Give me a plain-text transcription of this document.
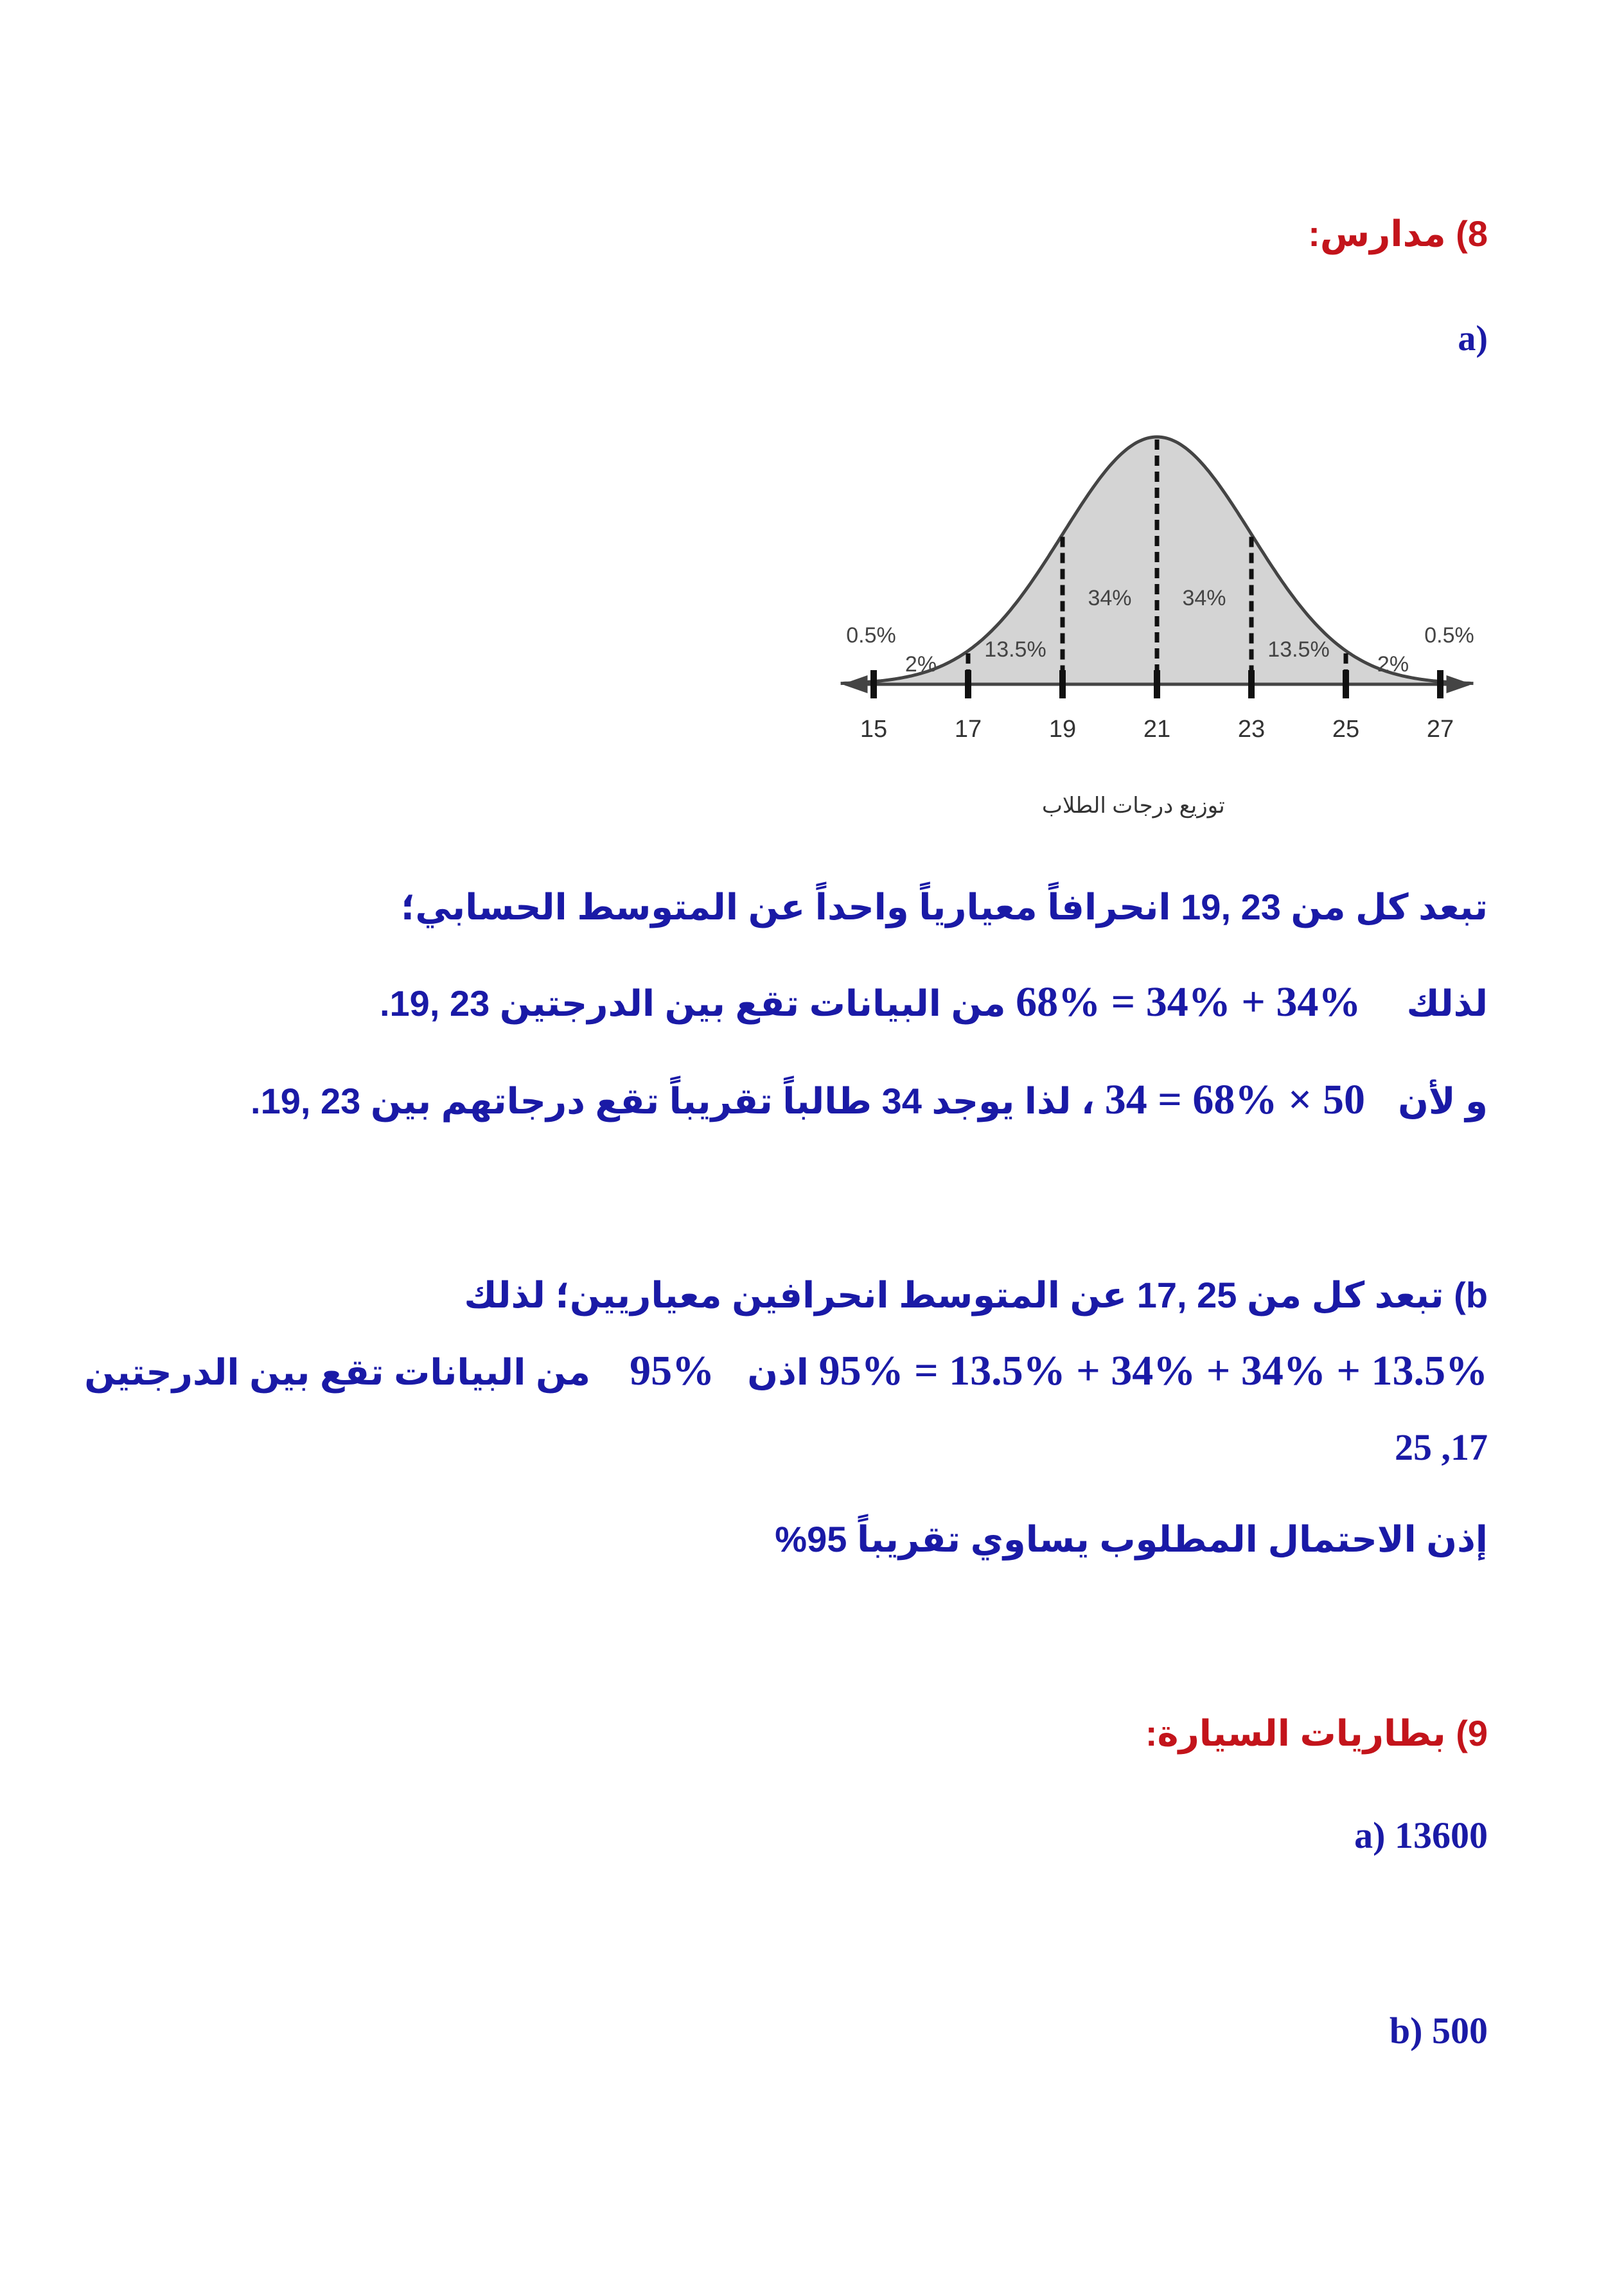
8) مدارس:
(a
15	17	19	21	23	25	27
2%
13.5%
34% 34%
13.5%
2%
0.5%	0.5%
توزيع درجات الطلاب
تبعد كل من 23 ,19 انحرافاً معيارياً واحداً عن المتوسط الحسابي؛
لذلك  68% = 34% + 34% من البيانات تقع بين الدرجتين 23 ,19.
و لأن  34 = 68% × 50 ، لذا يوجد 34 طالباً تقريباً تقع درجاتهم بين 23 ,19.
b) تبعد كل من 25 ,17 عن المتوسط انحرافين معياريين؛ لذلك
95% = 13.5% + 34% + 34% + 13.5% اذن  95%  من البيانات تقع بين الدرجتين
17, 25
إذن الاحتمال المطلوب يساوي تقريباً 95%
9) بطاريات السيارة:
13600 (a
500 (b
